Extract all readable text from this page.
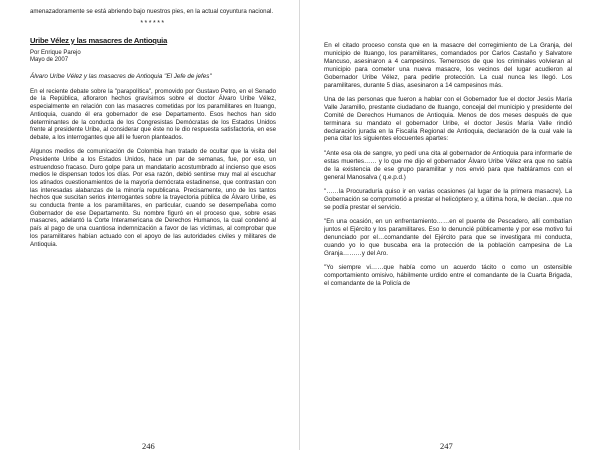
amenazadoramente se está abriendo bajo nuestros pies, en la actual coyuntura nacional.

******
Uribe Vélez y las masacres de Antioquia
Por Enrique Parejo
Mayo de 2007
Álvaro Uribe Vélez y las masacres de Antioquia "El Jefe de jefes"

En el reciente debate sobre la "parapolítica", promovido por Gustavo Petro, en el Senado de la República, afloraron hechos gravísimos sobre el doctor Álvaro Uribe Vélez, especialmente en relación con las masacres cometidas por los paramilitares en Ituango, Antioquia, cuando él era gobernador de ese Departamento. Esos hechos han sido determinantes de la conducta de los Congresistas Demócratas de los Estados Unidos frente al presidente Uribe, al considerar que éste no le dio respuesta satisfactoria, en ese debate, a los interrogantes que allí le fueron planteados.

Algunos medios de comunicación de Colombia han tratado de ocultar que la visita del Presidente Uribe a los Estados Unidos, hace un par de semanas, fue, por eso, un estruendoso fracaso. Duro golpe para un mandatario acostumbrado al incienso que esos medios le dispensan todos los días. Por esa razón, debió sentirse muy mal al escuchar los atinados cuestionamientos de la mayoría demócrata estadinense, que contrastan con las interesadas alabanzas de la minoría republicana. Precisamente, uno de los tantos hechos que suscitan serios interrogantes sobre la trayectoria pública de Álvaro Uribe, es su conducta frente a los paramilitares, en particular, cuando se desempeñaba como Gobernador de ese Departamento. Su nombre figuró en el proceso que, sobre esas masacres, adelantó la Corte Interamericana de Derechos Humanos, la cual condenó al país al pago de una cuantiosa indemnización a favor de las víctimas, al comprobar que los paramilitares habían actuado con el apoyo de las autoridades civiles y militares de Antioquia.

246

En el citado proceso consta que en la masacre del corregimiento de La Granja, del municipio de Ituango, los paramilitares, comandados por Carlos Castaño y Salvatore Mancuso, asesinaron a 4 campesinos. Temerosos de que los criminales volvieran al municipio para cometer una nueva masacre, los vecinos del lugar acudieron al Gobernador Uribe Vélez, para pedirle protección. La cual nunca les llegó. Los paramilitares, durante 5 días, asesinaron a 14 campesinos más.

Una de las personas que fueron a hablar con el Gobernador fue el doctor Jesús María Valle Jaramillo, prestante ciudadano de Ituango, concejal del municipio y presidente del Comité de Derechos Humanos de Antioquia. Menos de dos meses después de que terminara su mandato el gobernador Uribe, el doctor Jesús María Valle rindió declaración jurada en la Fiscalía Regional de Antioquia, declaración de la cual vale la pena citar los siguientes elocuentes apartes:

"Ante esa ola de sangre, yo pedí una cita al gobernador de Antioquia para informarle de estas muertes…… y lo que me dijo el gobernador Álvaro Uribe Vélez era que no sabía de la existencia de ese grupo paramilitar y nos envió para que habláramos con el general Manosalva ( q.e.p.d.)

"……la Procuraduría quiso ir en varias ocasiones (al lugar de la primera masacre). La Gobernación se comprometió a prestar el helicóptero y, a última hora, le decían…que no se podía prestar el servicio.

"En una ocasión, en un enfrentamiento……en el puente de Pescadero, allí combatían juntos el Ejército y los paramilitares. Eso lo denuncié públicamente y por ese motivo fui denunciado por el…comandante del Ejército para que se investigara mi conducta, cuando yo lo que buscaba era la protección de la población campesina de La Granja………y del Aro.

"Yo siempre vi……que había como un acuerdo tácito o como un ostensible comportamiento omisivo, hábilmente urdido entre el comandante de la Cuarta Brigada, el comandante de la Policía de

247
